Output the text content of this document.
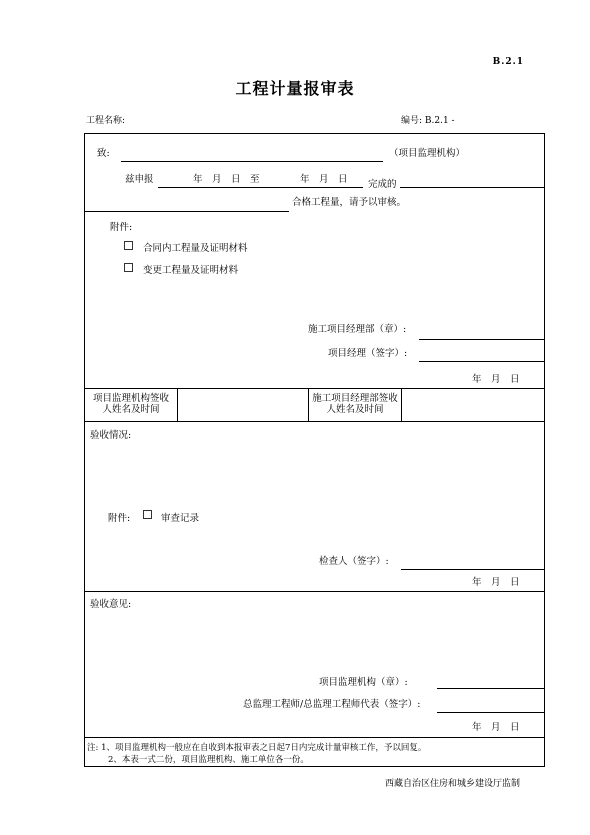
B.2.1
工程计量报审表
工程名称:	编号: B.2.1 -
致:	（项目监理机构）
兹申报	年　月　日　至	年　月　日 完成的
合格工程量，请予以审核。
附件:
合同内工程量及证明材料
变更工程量及证明材料
施工项目经理部（章）:
项目经理（签字）:
年　月　日
项目监理机构签收人姓名及时间
施工项目经理部签收人姓名及时间
验收情况:
附件:	审查记录
检查人（签字）:
年　月　日
验收意见:
项目监理机构（章）:
总监理工程师/总监理工程师代表（签字）:
年　月　日
注: 1、项目监理机构一般应在自收到本报审表之日起7日内完成计量审核工作，予以回复。
2、本表一式二份，项目监理机构、施工单位各一份。
西藏自治区住房和城乡建设厅监制
